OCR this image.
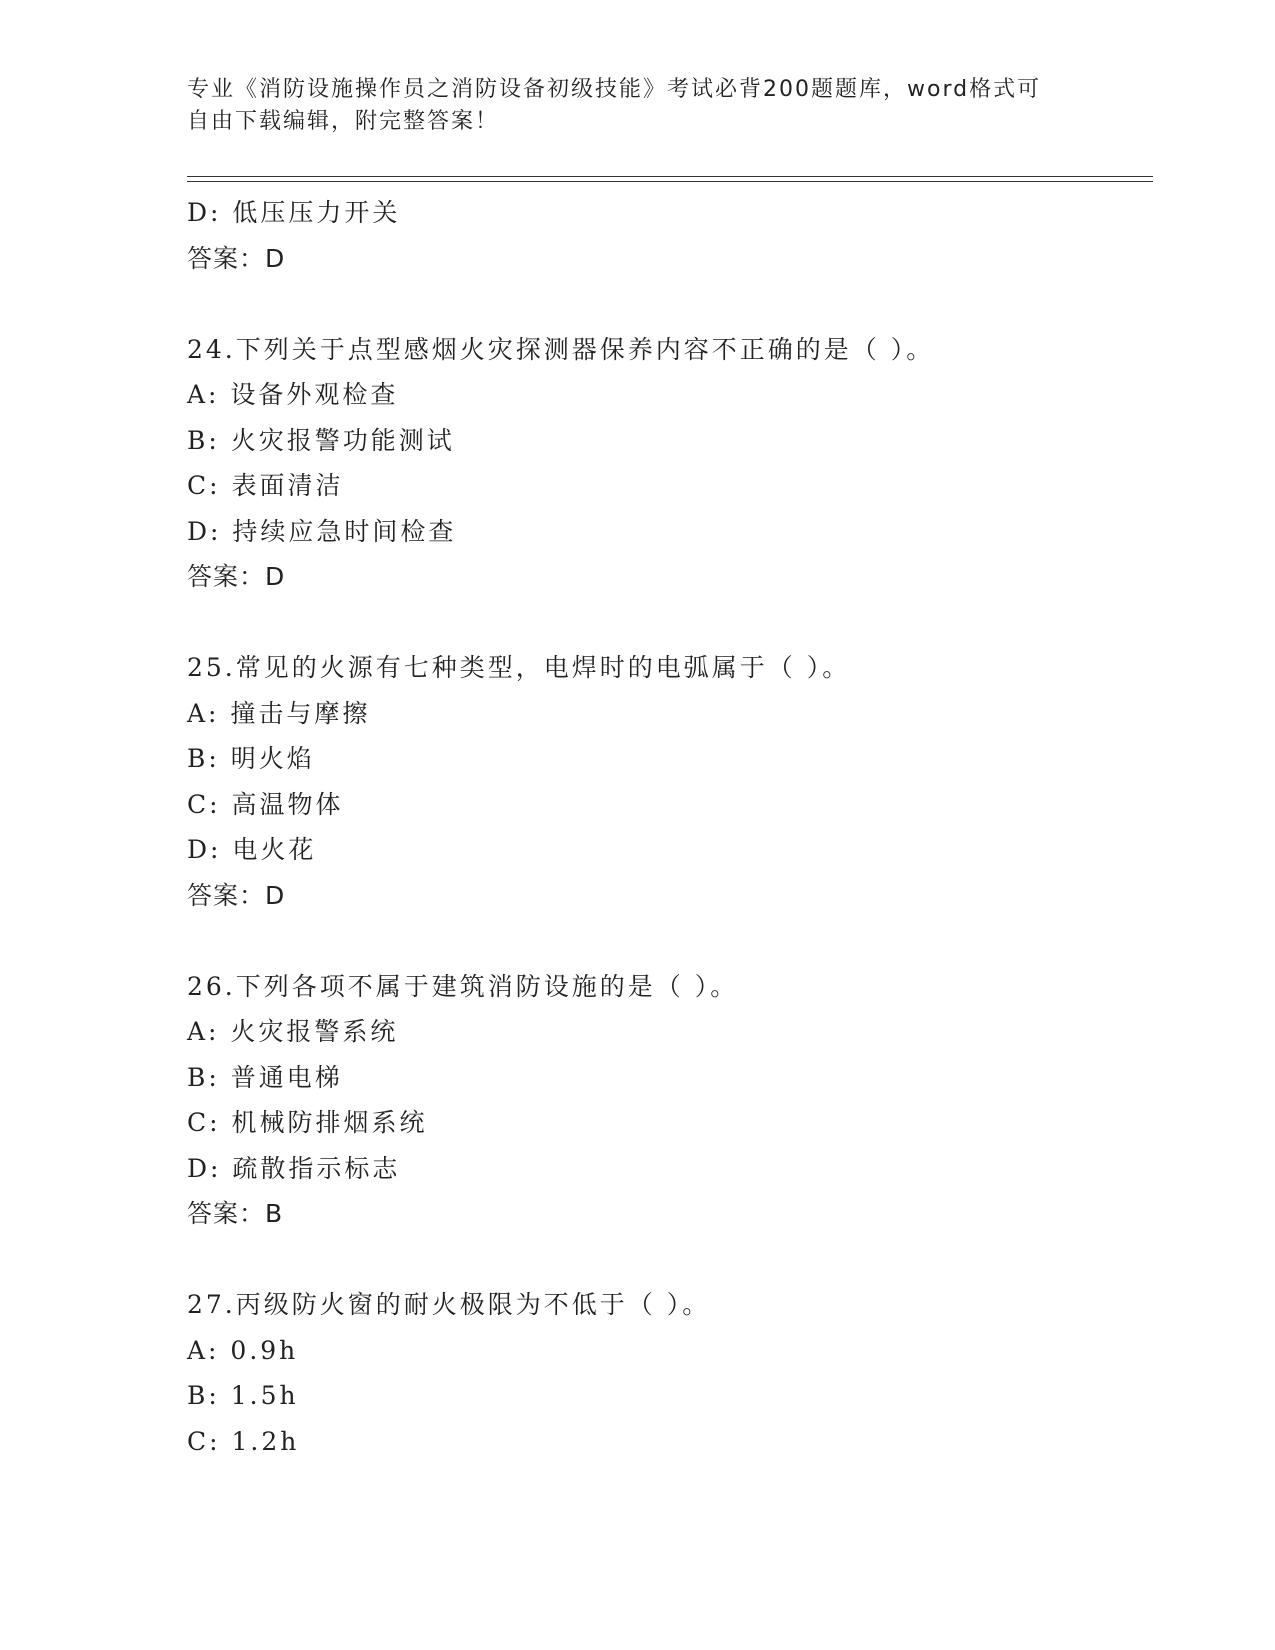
专业《消防设施操作员之消防设备初级技能》考试必背200题题库，word格式可
自由下载编辑，附完整答案！
D: 低压压力开关
答案：D
24.下列关于点型感烟火灾探测器保养内容不正确的是（ ）。
A: 设备外观检查
B: 火灾报警功能测试
C: 表面清洁
D: 持续应急时间检查
答案：D
25.常见的火源有七种类型，电焊时的电弧属于（ ）。
A: 撞击与摩擦
B: 明火焰
C: 高温物体
D: 电火花
答案：D
26.下列各项不属于建筑消防设施的是（ ）。
A: 火灾报警系统
B: 普通电梯
C: 机械防排烟系统
D: 疏散指示标志
答案：B
27.丙级防火窗的耐火极限为不低于（ ）。
A: 0.9h
B: 1.5h
C: 1.2h
